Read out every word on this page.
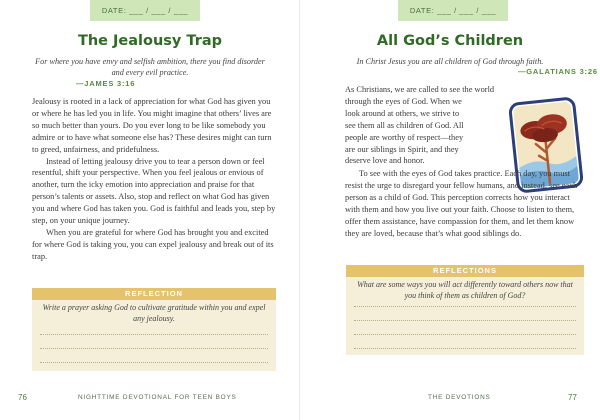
DATE: ___ / ___ / ___
The Jealousy Trap
For where you have envy and selfish ambition, there you find disorder and every evil practice.
—JAMES 3:16

Jealousy is rooted in a lack of appreciation for what God has given you or where he has led you in life. You might imagine that others’ lives are so much better than yours. Do you ever long to be like somebody you admire or to have what someone else has? These desires might can turn to greed, unfairness, and pridefulness.

Instead of letting jealousy drive you to tear a person down or feel resentful, shift your perspective. When you feel jealous or envious of another, turn the icky emotion into appreciation and praise for that person’s talents or assets. Also, stop and reflect on what God has given you and where God has taken you. God is faithful and leads you, step by step, on your unique journey.

When you are grateful for where God has brought you and excited for where God is taking you, you can expel jealousy and break out of its trap.

REFLECTION
Write a prayer asking God to cultivate gratitude within you and expel any jealousy.
76	NIGHTTIME DEVOTIONAL FOR TEEN BOYS
DATE: ___ / ___ / ___
All God’s Children
In Christ Jesus you are all children of God through faith.
—GALATIANS 3:26

As Christians, we are called to see the world

through the eyes of God. When we

look around at others, we strive to

see them all as children of God. All

people are worthy of respect—they

are our siblings in Spirit, and they

deserve love and honor.

To see with the eyes of God takes practice. Each day, you must resist the urge to disregard your fellow humans, and instead, see each person as a child of God. This perception corrects how you interact with them and how you live out your faith. Choose to listen to them, offer them assistance, have compassion for them, and let them know they are loved, because that’s what good siblings do.

REFLECTIONS
What are some ways you will act differently toward others now that you think of them as children of God?
THE DEVOTIONS	77
